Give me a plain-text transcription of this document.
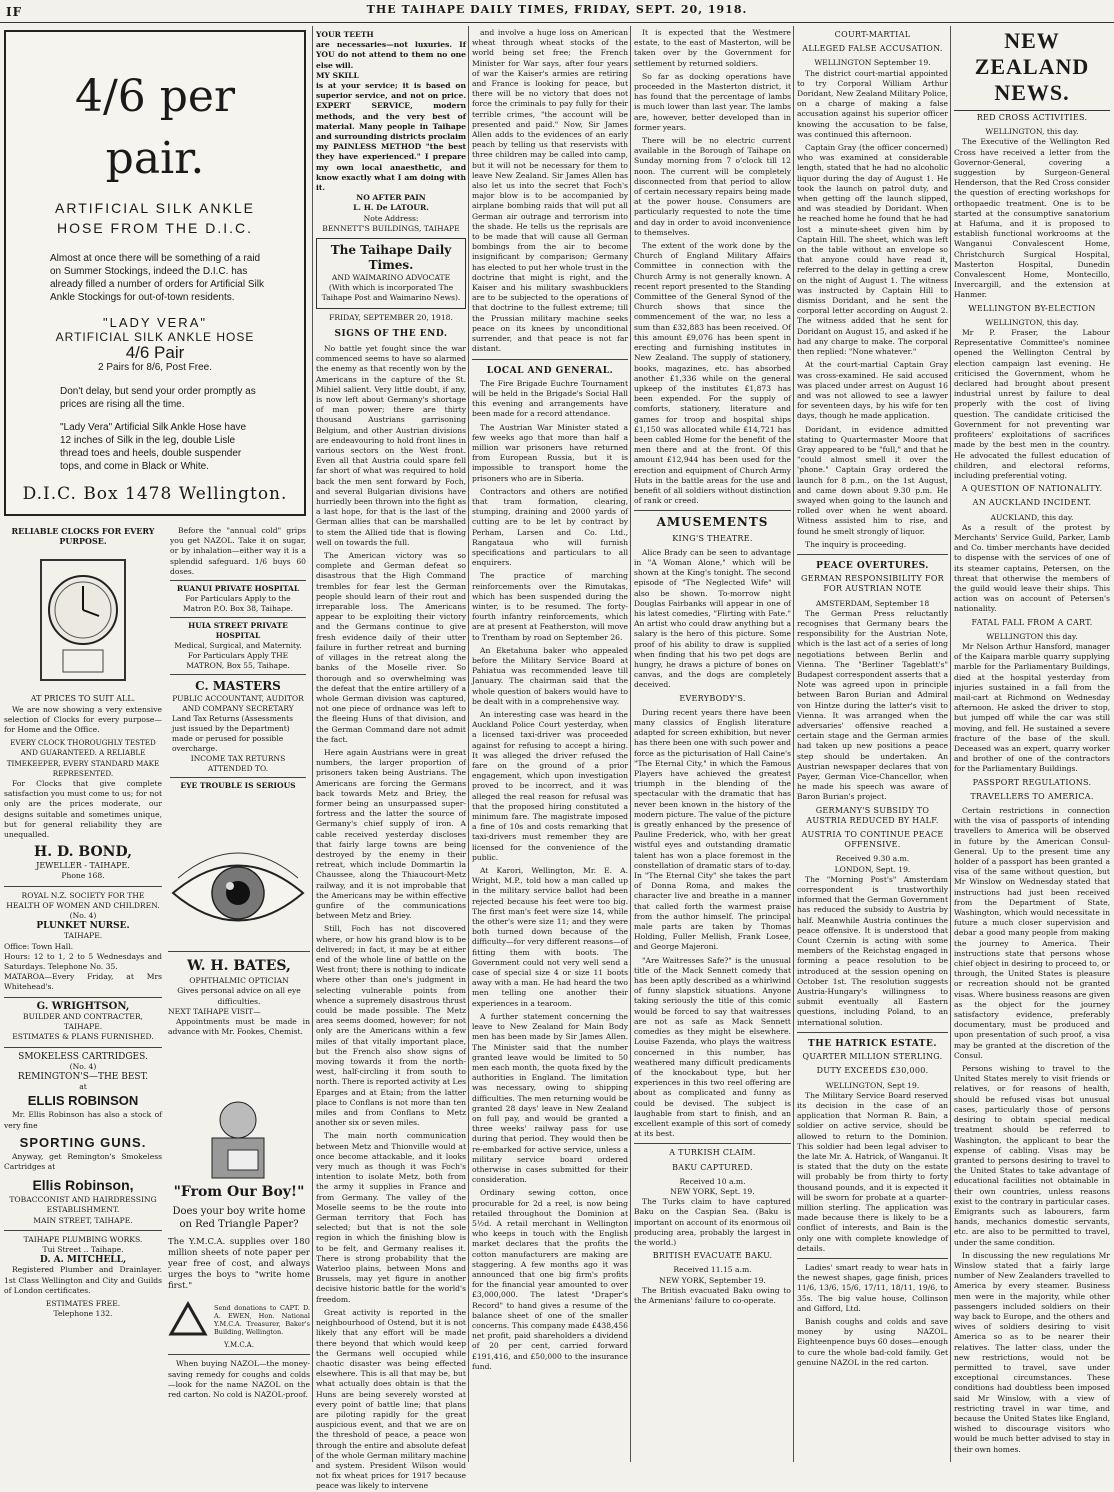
IF	THE TAIHAPE DAILY TIMES, FRIDAY, SEPT. 20, 1918.
4/6 per pair.
ARTIFICIAL SILK ANKLE
HOSE FROM THE D.I.C.
Almost at once there will be something of a raid on Summer Stockings, indeed the D.I.C. has already filled a number of orders for Artificial Silk Ankle Stockings for out-of-town residents.
"LADY VERA"
ARTIFICIAL SILK ANKLE HOSE
4/6 Pair
2 Pairs for 8/6, Post Free.
Don't delay, but send your order promptly as prices are rising all the time.
"Lady Vera" Artificial Silk Ankle Hose have 12 inches of Silk in the leg, double Lisle thread toes and heels, double suspender tops, and come in Black or White.
D.I.C. Box 1478 Wellington.
RELIABLE CLOCKS FOR EVERY PURPOSE.
AT PRICES TO SUIT ALL.

We are now showing a very extensive selection of Clocks for every purpose—for Home and the Office.

EVERY CLOCK THOROUGHLY TESTED AND GUARANTEED. A RELIABLE TIMEKEEPER, EVERY STANDARD MAKE REPRESENTED.

For Clocks that give complete satisfaction you must come to us; for not only are the prices moderate, our designs suitable and sometimes unique, but for general reliability they are unequalled.

H. D. BOND,
JEWELLER - TAIHAPE.
Phone 168.
ROYAL N.Z. SOCIETY FOR THE HEALTH OF WOMEN AND CHILDREN.
(No. 4)
PLUNKET NURSE.
TAIHAPE.
Office: Town Hall.
Hours: 12 to 1, 2 to 5 Wednesdays and Saturdays. Telephone No. 35.
MATAROA—Every Friday, at Mrs Whitehead's.
G. WRIGHTSON,
BUILDER AND CONTRACTER, TAIHAPE.
ESTIMATES & PLANS FURNISHED.
SMOKELESS CARTRIDGES.
(No. 4)
REMINGTON'S—THE BEST.
at
ELLIS ROBINSON

Mr. Ellis Robinson has also a stock of very fine

SPORTING GUNS.

Anyway, get Remington's Smokeless Cartridges at

Ellis Robinson,
TOBACCONIST AND HAIRDRESSING ESTABLISHMENT.
MAIN STREET, TAIHAPE.
TAIHAPE PLUMBING WORKS.
Tui Street .. Taihape.
D. A. MITCHELL,

Registered Plumber and Drainlayer. 1st Class Wellington and City and Guilds of London certificates.

ESTIMATES FREE.
Telephone 132.

Before the "annual cold" grips you get NAZOL. Take it on sugar, or by inhalation—either way it is a splendid safeguard. 1/6 buys 60 doses.

RUANUI PRIVATE HOSPITAL
For Particulars Apply to the Matron P.O. Box 38, Taihape.
HUIA STREET PRIVATE HOSPITAL
Medical, Surgical, and Maternity.
For Particulars Apply THE MATRON, Box 55, Taihape.
C. MASTERS
PUBLIC ACCOUNTANT, AUDITOR AND COMPANY SECRETARY
Land Tax Returns (Assessments just issued by the Department) made or perused for possible overcharge.
INCOME TAX RETURNS ATTENDED TO.
EYE TROUBLE IS SERIOUS
W. H. BATES,
OPHTHALMIC OPTICIAN
Gives personal advice on all eye difficulties.
NEXT TAIHAPE VISIT—

Appointments must be made in advance with Mr. Fookes, Chemist.

"From Our Boy!"
Does your boy write home on Red Triangle Paper?
The Y.M.C.A. supplies over 180 million sheets of note paper per year free of cost, and always urges the boys to "write home first."
Send donations to CAPT. D. A. EWEN, Hon. National Y.M.C.A. Treasurer, Baker's Building, Wellington.
Y.M.C.A.

When buying NAZOL—the money-saving remedy for coughs and colds—look for the name NAZOL on the red carton. No cold is NAZOL-proof.

YOUR TEETH
are necessaries—not luxuries. If YOU do not attend to them no one else will.
MY SKILL
is at your service; it is based on superior service, and not on price. EXPERT SERVICE, modern methods, and the very best of material. Many people in Taihape and surrounding districts proclaim my PAINLESS METHOD "the best they have experienced." I prepare my own local anaesthetic, and know exactly what I am doing with it.
NO AFTER PAIN
L. H. De LATOUR.
Note Address:
BENNETT'S BUILDINGS, TAIHAPE
The Taihape Daily Times.
AND WAIMARINO ADVOCATE
(With which is incorporated The Taihape Post and Waimarino News).
FRIDAY, SEPTEMBER 20, 1918.
SIGNS OF THE END.

No battle yet fought since the war commenced seems to have so alarmed the enemy as that recently won by the Americans in the capture of the St. Mihiel salient. Very little doubt, if any, is now left about Germany's shortage of man power; there are thirty thousand Austrians garrisoning Belgium, and other Austrian divisions are endeavouring to hold front lines in various sectors on the West front. Even all that Austria could spare fell far short of what was required to hold back the men sent forward by Foch, and several Bulgarian divisions have hurriedly been thrown into the fight as a last hope, for that is the last of the German allies that can be marshalled to stem the Allied tide that is flowing well on towards the full.

The American victory was so complete and German defeat so disastrous that the High Command trembles for fear lest the German people should learn of their rout and irreparable loss. The Americans appear to be exploiting their victory and the Germans continue to give fresh evidence daily of their utter failure in further retreat and burning of villages in the retreat along the banks of the Moselle river. So thorough and so overwhelming was the defeat that the entire artillery of a whole German division was captured, not one piece of ordnance was left to the fleeing Huns of that division, and the German Command dare not admit the fact.

Here again Austrians were in great numbers, the larger proportion of prisoners taken being Austrians. The Americans are forcing the Germans back towards Metz and Briey, the former being an unsurpassed super-fortress and the latter the source of Germany's chief supply of iron. A cable received yesterday discloses that fairly large towns are being destroyed by the enemy in their retreat, which include Dommartin la Chaussee, along the Thiaucourt-Metz railway, and it is not improbable that the Americans may be within effective gunfire of the communications between Metz and Briey.

Still, Foch has not discovered where, or how his grand blow is to be delivered; in fact, it may be at either end of the whole line of battle on the West front; there is nothing to indicate where other than one's judgment in selecting vulnerable points from whence a supremely disastrous thrust could be made possible. The Metz area seems doomed, however; for not only are the Americans within a few miles of that vitally important place, but the French also show signs of moving towards it from the north-west, half-circling it from south to north. There is reported activity at Les Eparges and at Etain; from the latter place to Conflans is not more than ten miles and from Conflans to Metz another six or seven miles.

The main north communication between Metz and Thionville would at once become attackable, and it looks very much as though it was Foch's intention to isolate Metz, both from the army it supplies in France and from Germany. The valley of the Moselle seems to be the route into German territory that Foch has selected; but that is not the sole region in which the finishing blow is to be felt, and Germany realises it. There is strong probability that the Waterloo plains, between Mons and Brussels, may yet figure in another decisive historic battle for the world's freedom.

Great activity is reported in the neighbourhood of Ostend, but it is not likely that any effort will be made there beyond that which would keep the Germans well occupied while chaotic disaster was being effected elsewhere. This is all that may be, but what actually does obtain is that the Huns are being severely worsted at every point of battle line; that plans are piloting rapidly for the great auspicious event, and that we are on the threshold of peace, a peace won through the entire and absolute defeat of the whole German military machine and system. President Wilson would not fix wheat prices for 1917 because peace was likely to intervene

and involve a huge loss on American wheat through wheat stocks of the world being set free; the French Minister for War says, after four years of war the Kaiser's armies are retiring and France is looking for peace, but there will be no victory that does not force the criminals to pay fully for their terrible crimes, "the account will be presented and paid." Now, Sir James Allen adds to the evidences of an early peach by telling us that reservists with three children may be called into camp, but it will not be necessary for them to leave New Zealand. Sir James Allen has also let us into the secret that Foch's major blow is to be accompanied by airplane bombing raids that will put all German air outrage and terrorism into the shade. He tells us the reprisals are to be made that will cause all German bombings from the air to become insignificant by comparison; Germany has elected to put her whole trust in the doctrine that might is right, and the Kaiser and his military swashbucklers are to be subjected to the operations of that doctrine to the fullest extreme; till the Prussian military machine seeks peace on its knees by unconditional surrender, and that peace is not far distant.

LOCAL AND GENERAL.

The Fire Brigade Euchre Tournament will be held in the Brigade's Social Hall this evening and arrangements have been made for a record attendance.

The Austrian War Minister stated a few weeks ago that more than half a million war prisoners have returned from European Russia, but it is impossible to transport home the prisoners who are in Siberia.

Contractors and others are notified that tram formation, clearing, stumping, draining and 2000 yards of cutting are to be let by contract by Perham, Larsen and Co. Ltd., Rangataua who will furnish specifications and particulars to all enquirers.

The practice of marching reinforcements over the Rimutakas, which has been suspended during the winter, is to be resumed. The forty-fourth infantry reinforcements, which are at present at Featherston, will move to Trentham by road on September 26.

An Eketahuna baker who appealed before the Military Service Board at Pahiatua was recommended leave till January. The chairman said that the whole question of bakers would have to be dealt with in a comprehensive way.

An interesting case was heard in the Auckland Police Court yesterday, when a licensed taxi-driver was proceeded against for refusing to accept a hiring. It was alleged the driver refused the fare on the ground of a prior engagement, which upon investigation proved to be incorrect, and it was alleged the real reason for refusal was that the proposed hiring constituted a minimum fare. The magistrate imposed a fine of 10s and costs remarking that taxi-drivers must remember they are licensed for the convenience of the public.

At Karori, Wellington, Mr. E. A. Wright, M.P., told how a man called up in the military service ballot had been rejected because his feet were too big. The first man's feet were size 14, while the other's were size 11; and they were both turned down because of the difficulty—for very different reasons—of fitting them with boots. The Government could not very well send a case of special size 4 or size 11 boots away with a man. He had heard the two men telling one another their experiences in a tearoom.

A further statement concerning the leave to New Zealand for Main Body men has been made by Sir James Allen. The Minister said that the number granted leave would be limited to 50 men each month, the quota fixed by the authorities in England. The limitation was necessary, owing to shipping difficulties. The men returning would be granted 28 days' leave in New Zealand on full pay, and would be granted a three weeks' railway pass for use during that period. They would then be re-embarked for active service, unless a military service board ordered otherwise in cases submitted for their consideration.

Ordinary sewing cotton, once procurable for 2d a reel, is now being retailed throughout the Dominion at 5½d. A retail merchant in Wellington who keeps in touch with the English market declares that the profits the cotton manufacturers are making are staggering. A few months ago it was announced that one big firm's profits for the financial year amounted to over £3,000,000. The latest "Draper's Record" to hand gives a resume of the balance sheet of one of the smaller concerns. This company made £438,456 net profit, paid shareholders a dividend of 20 per cent, carried forward £191,416, and £50,000 to the insurance fund.

It is expected that the Westmere estate, to the east of Masterton, will be taken over by the Government for settlement by returned soldiers.

So far as docking operations have proceeded in the Masterton district, it has found that the percentage of lambs is much lower than last year. The lambs are, however, better developed than in former years.

There will be no electric current available in the Borough of Taihape on Sunday morning from 7 o'clock till 12 noon. The current will be completely disconnected from that period to allow of certain necessary repairs being made at the power house. Consumers are particularly requested to note the time and day in order to avoid inconvenience to themselves.

The extent of the work done by the Church of England Military Affairs Committee in connection with the Church Army is not generally known. A recent report presented to the Standing Committee of the General Synod of the Church shows that since the commencement of the war, no less a sum than £32,883 has been received. Of this amount £9,076 has been spent in erecting and furnishing institutes in New Zealand. The supply of stationery, books, magazines, etc. has absorbed another £1,336 while on the general upkeep of the institutes £1,873 has been expended. For the supply of comforts, stationery, literature and games for troop and hospital ships £1,150 was allocated while £14,721 has been cabled Home for the benefit of the men there and at the front. Of this amount £12,944 has been used for the erection and equipment of Church Army Huts in the battle areas for the use and benefit of all soldiers without distinction of rank or creed.

AMUSEMENTS
KING'S THEATRE.

Alice Brady can be seen to advantage in "A Woman Alone," which will be shown at the King's tonight. The second episode of "The Neglected Wife" will also be shown. To-morrow night Douglas Fairbanks will appear in one of his latest comedies, "Flirting with Fate." An artist who could draw anything but a salary is the hero of this picture. Some proof of his ability to draw is supplied when finding that his two pet dogs are hungry, he draws a picture of bones on canvas, and the dogs are completely deceived.

EVERYBODY'S.

During recent years there have been many classics of English literature adapted for screen exhibition, but never has there been one with such power and force as the picturisation of Hall Caine's "The Eternal City," in which the Famous Players have achieved the greatest triumph in the blending of the spectacular with the dramatic that has never been known in the history of the modern picture. The value of the picture is greatly enhanced by the presence of Pauline Frederick, who, with her great wistful eyes and outstanding dramatic talent has won a place foremost in the constellation of dramatic stars of to-day. In "The Eternal City" she takes the part of Donna Roma, and makes the character live and breathe in a manner that called forth the warmest praise from the author himself. The principal male parts are taken by Thomas Holding, Fuller Mellish, Frank Losee, and George Majeroni.

"Are Waitresses Safe?" is the unusual title of the Mack Sennett comedy that has been aptly described as a whirlwind of funny slapstick situations. Anyone taking seriously the title of this comic would be forced to say that waitresses are not as safe as Mack Sennett comedies as they might be elsewhere. Louise Fazenda, who plays the waitress concerned in this number, has weathered many difficult predicaments of the knockabout type, but her experiences in this two reel offering are about as complicated and funny as could be devised. The subject is laughable from start to finish, and an excellent example of this sort of comedy at its best.

A TURKISH CLAIM.
BAKU CAPTURED.
Received 10 a.m.
NEW YORK, Sept. 19.

The Turks claim to have captured Baku on the Caspian Sea. (Baku is important on account of its enormous oil producing area, probably the largest in the world.)

BRITISH EVACUATE BAKU.
Received 11.15 a.m.
NEW YORK, September 19.

The British evacuated Baku owing to the Armenians' failure to co-operate.

COURT-MARTIAL
ALLEGED FALSE ACCUSATION.
WELLINGTON September 19.

The district court-martial appointed to try Corporal William Arthur Doridant, New Zealand Military Police, on a charge of making a false accusation against his superior officer knowing the accusation to be false, was continued this afternoon.

Captain Gray (the officer concerned) who was examined at considerable length, stated that he had no alcoholic liquor during the day of August 1. He took the launch on patrol duty, and when getting off the launch slipped, and was steadied by Doridant. When he reached home he found that he had lost a minute-sheet given him by Captain Hill. The sheet, which was left on the table without an envelope so that anyone could have read it, referred to the delay in getting a crew on the night of August 1. The witness was instructed by Captain Hill to dismiss Doridant, and he sent the corporal letter according on August 2. The witness added that he sent for Doridant on August 15, and asked if he had any charge to make. The corporal then replied: "None whatever."

At the court-martial Captain Gray was cross-examined. He said accused was placed under arrest on August 16 and was not allowed to see a lawyer for seventeen days, by his wife for ten days, though he made application.

Doridant, in evidence admitted stating to Quartermaster Moore that Gray appeared to be "full," and that he "could almost smell it over the 'phone." Captain Gray ordered the launch for 8 p.m., on the 1st August, and came down about 9.30 p.m. He swayed when going to the launch and rolled over when he went aboard. Witness assisted him to rise, and found he smelt strongly of liquor.

The inquiry is proceeding.

PEACE OVERTURES.
GERMAN RESPONSIBILITY FOR FOR AUSTRIAN NOTE
AMSTERDAM, September 18

The German Press reluctantly recognises that Germany bears the responsibility for the Austrian Note, which is the last act of a series of long negotiations between Berlin and Vienna. The "Berliner Tageblatt's" Budapest correspondent asserts that a Note was agreed upon in principle between Baron Burian and Admiral von Hintze during the latter's visit to Vienna. It was arranged when the adversaries' offensive reached a certain stage and the German armies had taken up new positions a peace step should be undertaken. An Austrian newspaper declares that von Payer, German Vice-Chancellor, when he made his speech was aware of Baron Burian's project.

GERMANY'S SUBSIDY TO AUSTRIA REDUCED BY HALF.
AUSTRIA TO CONTINUE PEACE OFFENSIVE.
Received 9.30 a.m.
LONDON, Sept. 19.

The "Morning Post's" Amsterdam correspondent is trustworthily informed that the German Government has reduced the subsidy to Austria by half. Meanwhile Austria continues the peace offensive. It is understood that Count Czernin is acting with some members of the Reichstag engaged in forming a peace resolution to be introduced at the session opening on October 1st. The resolution suggests Austria-Hungary's willingness to submit eventually all Eastern questions, including Poland, to an international solution.

THE HATRICK ESTATE.
QUARTER MILLION STERLING.
DUTY EXCEEDS £30,000.
WELLINGTON, Sept 19.

The Military Service Board reserved its decision in the case of an application that Norman R. Bain, a soldier on active service, should be allowed to return to the Dominion. This soldier had been legal adviser to the late Mr. A. Hatrick, of Wanganui. It is stated that the duty on the estate will probably be from thirty to forty thousand pounds, and it is expected it will be sworn for probate at a quarter-million sterling. The application was made because there is likely to be a conflict of interests, and Bain is the only one with complete knowledge of details.

Ladies' smart ready to wear hats in the newest shapes, gage finish, prices 11/6, 13/6, 15/6, 17/11, 18/11, 19/6, to 35s. The big value house, Collinson and Gifford, Ltd.

Banish coughs and colds and save money by using NAZOL. Eighteenpence buys 60 doses—enough to cure the whole bad-cold family. Get genuine NAZOL in the red carton.

NEW ZEALAND NEWS.
RED CROSS ACTIVITIES.
WELLINGTON, this day.

The Executive of the Wellington Red Cross have received a letter from the Governor-General, covering a suggestion by Surgeon-General Henderson, that the Red Cross consider the question of erecting workshops for orthopaedic treatment. One is to be started at the consumptive sanatorium at Hafuma, and it is proposed to establish functional workrooms at the Wanganui Convalescent Home, Christchurch Surgical Hospital, Masterton Hospital, Dunedin Convalescent Home, Montecillo, Invercargill, and the extension at Hanmer.

WELLINGTON BY-ELECTION
WELLINGTON, this day.

Mr P. Fraser, the Labour Representative Committee's nominee opened the Wellington Central by election campaign last evening. He criticised the Government, whom he declared had brought about present industrial unrest by failure to deal properly with the cost of living question. The candidate criticised the Government for not preventing war profiteers' exploitations of sacrifices made by the best men in the country. He advocated the fullest education of children, and electoral reforms, including preferential voting.

A QUESTION OF NATIONALITY.
AN AUCKLAND INCIDENT.
AUCKLAND, this day.

As a result of the protest by Merchants' Service Guild, Parker, Lamb and Co. timber merchants have decided to dispense with the services of one of its steamer captains, Petersen, on the threat that otherwise the members of the guild would leave their ships. This action was on account of Petersen's nationality.

FATAL FALL FROM A CART.
WELLINGTON this day.

Mr Nelson Arthur Hansford, manager of the Kaipara marble quarry supplying marble for the Parliamentary Buildings, died at the hospital yesterday from injuries sustained in a fall from the mail-cart at Richmond on Wednesday afternoon. He asked the driver to stop, but jumped off while the car was still moving, and fell. He sustained a severe fracture of the base of the skull. Deceased was an expert, quarry worker and brother of one of the contractors for the Parliamentary Buildings.

PASSPORT REGULATIONS.
TRAVELLERS TO AMERICA.

Certain restrictions in connection with the visa of passports of intending travellers to America will be observed in future by the American Consul-General. Up to the present time any holder of a passport has been granted a visa of the same without question, but Mr Winslow on Wednesday stated that instructions had just been received from the Department of State, Washington, which would necessitate in future a much closer supervision and debar a good many people from making the journey to America. Their instructions state that persons whose chief object in desiring to proceed to, or through, the United States is pleasure or recreation should not be granted visas. Where business reasons are given as the object for the journey satisfactory evidence, preferably documentary, must be produced and upon presentation of such proof, a visa may be granted at the discretion of the Consul.

Persons wishing to travel to the United States merely to visit friends or relatives, or for reasons of health, should be refused visas but unusual cases, particularly those of persons desiring to obtain special medical treatment should be referred to Washington, the applicant to bear the expense of cabling. Visas may be granted to persons desiring to travel to the United States to take advantage of educational facilities not obtainable in their own countries, unless reasons exist to the contrary in particular cases. Emigrants such as labourers, farm hands, mechanics domestic servants, etc. are also to be permitted to travel, under the same condition.

In discussing the new regulations Mr Winslow stated that a fairly large number of New Zealanders travelled to America by every steamer. Business men were in the majority, while other passengers included soldiers on their way back to Europe, and the others and wives of soldiers desiring to visit America so as to be nearer their relatives. The latter class, under the new restrictions, would not be permitted to travel, save under exceptional circumstances. These conditions had doubtless been imposed said Mr Winslow, with a view of restricting travel in war time, and because the United States like England, wished to discourage visitors who would be much better advised to stay in their own homes.
